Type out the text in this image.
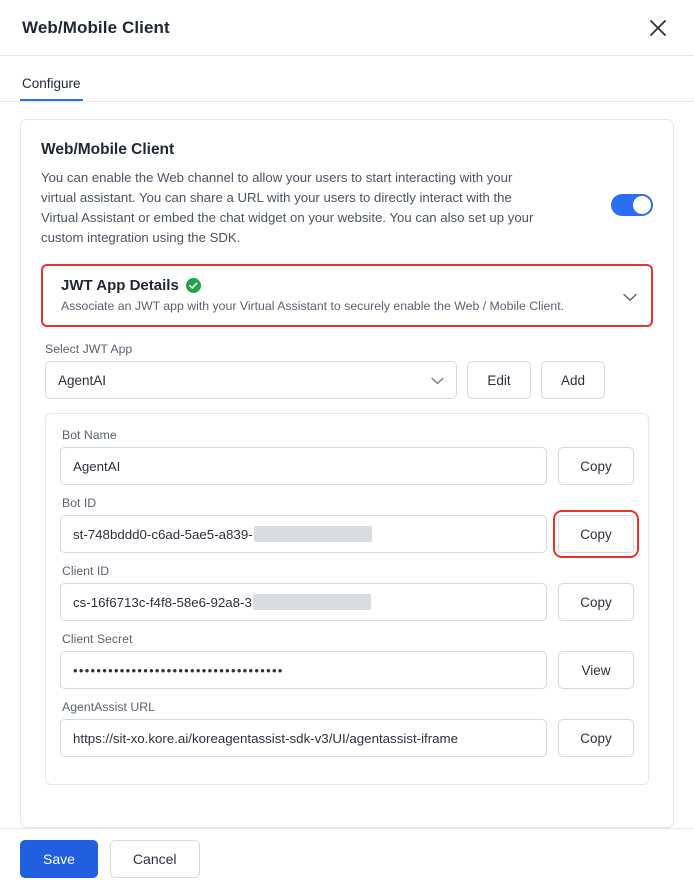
Web/Mobile Client
Configure
Web/Mobile Client
You can enable the Web channel to allow your users to start interacting with your virtual assistant. You can share a URL with your users to directly interact with the Virtual Assistant or embed the chat widget on your website. You can also set up your custom integration using the SDK.
JWT App Details
Associate an JWT app with your Virtual Assistant to securely enable the Web / Mobile Client.
Select JWT App
AgentAI	Edit	Add
Bot Name
AgentAI	Copy
Bot ID
st-748bddd0-c6ad-5ae5-a839-	Copy
Client ID
cs-16f6713c-f4f8-58e6-92a8-3	Copy
Client Secret
••••••••••••••••••••••••••••••••••••	View
AgentAssist URL
https://sit-xo.kore.ai/koreagentassist-sdk-v3/UI/agentassist-iframe	Copy
Save	Cancel
